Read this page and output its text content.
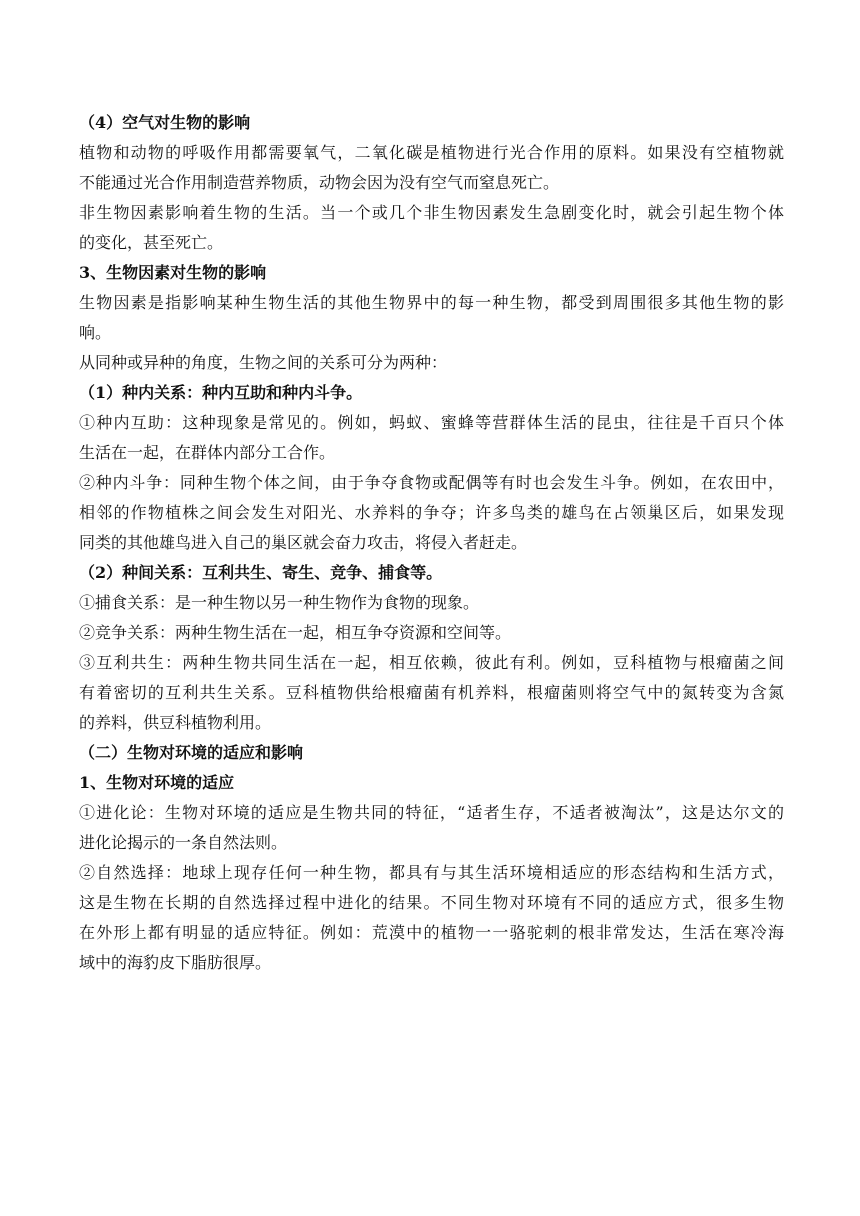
（4）空气对生物的影响
植物和动物的呼吸作用都需要氧气，二氧化碳是植物进行光合作用的原料。如果没有空植物就
不能通过光合作用制造营养物质，动物会因为没有空气而窒息死亡。
非生物因素影响着生物的生活。当一个或几个非生物因素发生急剧变化时，就会引起生物个体
的变化，甚至死亡。
3、生物因素对生物的影响
生物因素是指影响某种生物生活的其他生物界中的每一种生物，都受到周围很多其他生物的影
响。
从同种或异种的角度，生物之间的关系可分为两种：
（1）种内关系：种内互助和种内斗争。
①种内互助：这种现象是常见的。例如，蚂蚁、蜜蜂等营群体生活的昆虫，往往是千百只个体
生活在一起，在群体内部分工合作。
②种内斗争：同种生物个体之间，由于争夺食物或配偶等有时也会发生斗争。例如，在农田中，
相邻的作物植株之间会发生对阳光、水养料的争夺；许多鸟类的雄鸟在占领巢区后，如果发现
同类的其他雄鸟进入自己的巢区就会奋力攻击，将侵入者赶走。
（2）种间关系：互利共生、寄生、竞争、捕食等。
①捕食关系：是一种生物以另一种生物作为食物的现象。
②竞争关系：两种生物生活在一起，相互争夺资源和空间等。
③互利共生：两种生物共同生活在一起，相互依赖，彼此有利。例如，豆科植物与根瘤菌之间
有着密切的互利共生关系。豆科植物供给根瘤菌有机养料，根瘤菌则将空气中的氮转变为含氮
的养料，供豆科植物利用。
（二）生物对环境的适应和影响
1、生物对环境的适应
①进化论：生物对环境的适应是生物共同的特征，“适者生存，不适者被淘汰”，这是达尔文的
进化论揭示的一条自然法则。
②自然选择：地球上现存任何一种生物，都具有与其生活环境相适应的形态结构和生活方式，
这是生物在长期的自然选择过程中进化的结果。不同生物对环境有不同的适应方式，很多生物
在外形上都有明显的适应特征。例如：荒漠中的植物一一骆驼刺的根非常发达，生活在寒冷海
域中的海豹皮下脂肪很厚。
